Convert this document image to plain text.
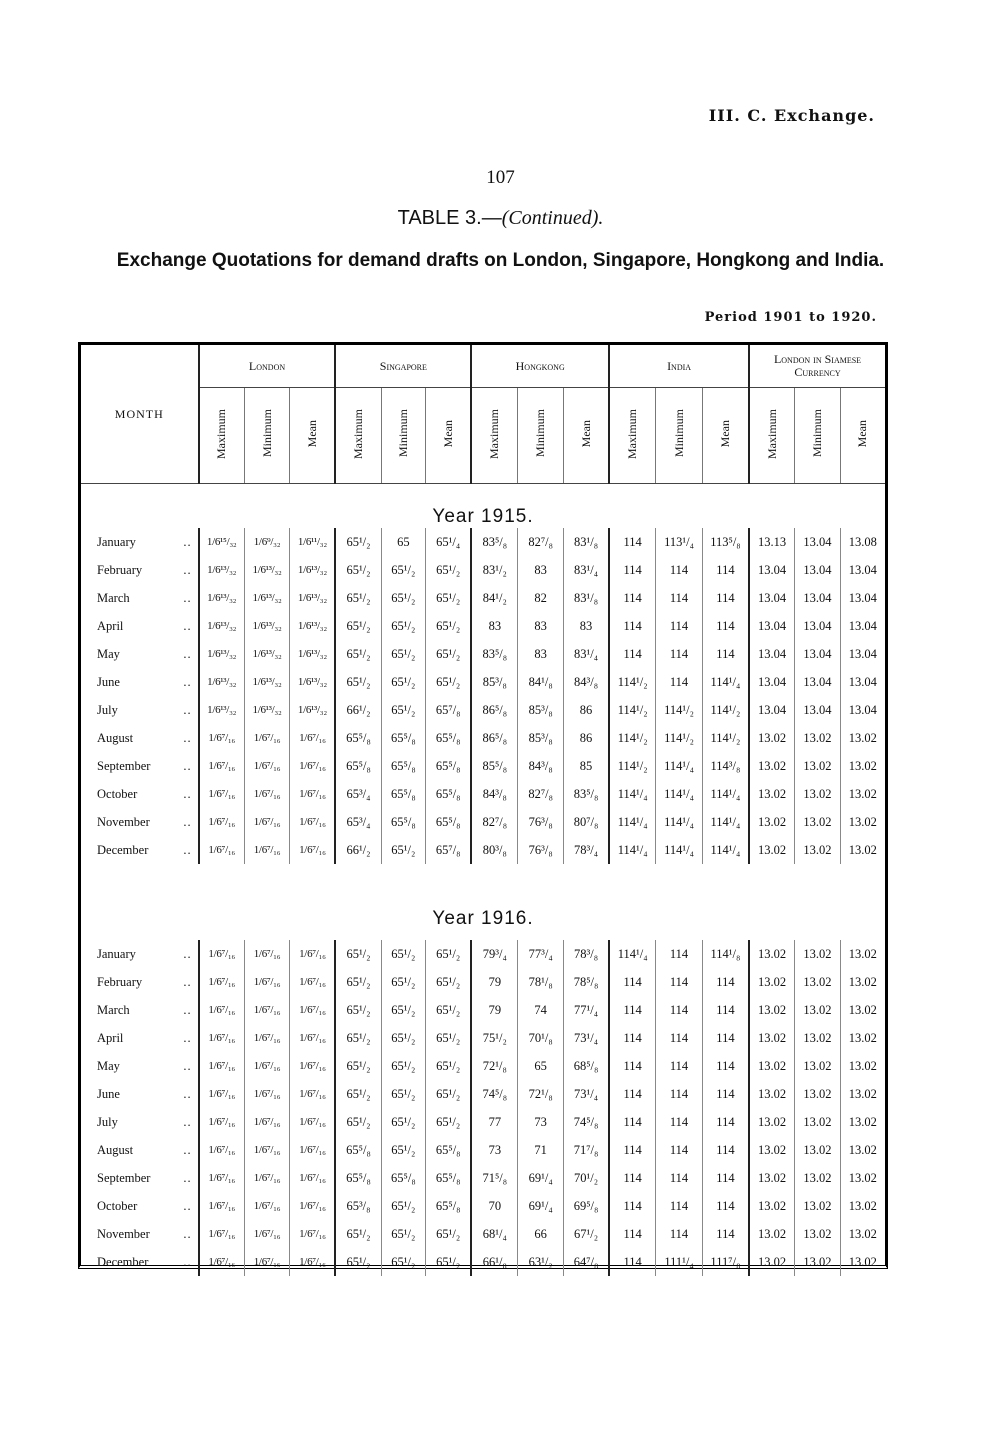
III. C. Exchange.
107
TABLE 3.—(Continued).
Exchange Quotations for demand drafts on London, Singapore, Hongkong and India.
Period 1901 to 1920.
MONTH	London			Singapore			Hongkong			India			London in Siamese Currency		
	Maximum	Minimum	Mean	Maximum	Minimum	Mean	Maximum	Minimum	Mean	Maximum	Minimum	Mean	Maximum	Minimum	Mean
Year 1915.															

..
January	1/6¹⁵/₃₂	1/6⁹/₃₂	1/6¹¹/₃₂	65¹/₂	65	65¹/₄	83⁵/₈	82⁷/₈	83¹/₈	114	113¹/₄	113⁵/₈	13.13	13.04	13.08

..
February	1/6¹³/₃₂	1/6¹³/₃₂	1/6¹³/₃₂	65¹/₂	65¹/₂	65¹/₂	83¹/₂	83	83¹/₄	114	114	114	13.04	13.04	13.04

..
March	1/6¹³/₃₂	1/6¹³/₃₂	1/6¹³/₃₂	65¹/₂	65¹/₂	65¹/₂	84¹/₂	82	83¹/₈	114	114	114	13.04	13.04	13.04

..
April	1/6¹³/₃₂	1/6¹³/₃₂	1/6¹³/₃₂	65¹/₂	65¹/₂	65¹/₂	83	83	83	114	114	114	13.04	13.04	13.04

..
May	1/6¹³/₃₂	1/6¹³/₃₂	1/6¹³/₃₂	65¹/₂	65¹/₂	65¹/₂	83⁵/₈	83	83¹/₄	114	114	114	13.04	13.04	13.04

..
June	1/6¹³/₃₂	1/6¹³/₃₂	1/6¹³/₃₂	65¹/₂	65¹/₂	65¹/₂	85³/₈	84¹/₈	84³/₈	114¹/₂	114	114¹/₄	13.04	13.04	13.04

..
July	1/6¹³/₃₂	1/6¹³/₃₂	1/6¹³/₃₂	66¹/₂	65¹/₂	65⁷/₈	86⁵/₈	85³/₈	86	114¹/₂	114¹/₂	114¹/₂	13.04	13.04	13.04

..
August	1/6⁷/₁₆	1/6⁷/₁₆	1/6⁷/₁₆	65⁵/₈	65⁵/₈	65⁵/₈	86⁵/₈	85³/₈	86	114¹/₂	114¹/₂	114¹/₂	13.02	13.02	13.02

..
September	1/6⁷/₁₆	1/6⁷/₁₆	1/6⁷/₁₆	65⁵/₈	65⁵/₈	65⁵/₈	85⁵/₈	84³/₈	85	114¹/₂	114¹/₄	114³/₈	13.02	13.02	13.02

..
October	1/6⁷/₁₆	1/6⁷/₁₆	1/6⁷/₁₆	65³/₄	65⁵/₈	65⁵/₈	84³/₈	82⁷/₈	83⁵/₈	114¹/₄	114¹/₄	114¹/₄	13.02	13.02	13.02

..
November	1/6⁷/₁₆	1/6⁷/₁₆	1/6⁷/₁₆	65³/₄	65⁵/₈	65⁵/₈	82⁷/₈	76³/₈	80⁷/₈	114¹/₄	114¹/₄	114¹/₄	13.02	13.02	13.02

..
December	1/6⁷/₁₆	1/6⁷/₁₆	1/6⁷/₁₆	66¹/₂	65¹/₂	65⁷/₈	80³/₈	76³/₈	78³/₄	114¹/₄	114¹/₄	114¹/₄	13.02	13.02	13.02

Year 1916.															

..
January	1/6⁷/₁₆	1/6⁷/₁₆	1/6⁷/₁₆	65¹/₂	65¹/₂	65¹/₂	79³/₄	77³/₄	78³/₈	114¹/₄	114	114¹/₈	13.02	13.02	13.02

..
February	1/6⁷/₁₆	1/6⁷/₁₆	1/6⁷/₁₆	65¹/₂	65¹/₂	65¹/₂	79	78¹/₈	78⁵/₈	114	114	114	13.02	13.02	13.02

..
March	1/6⁷/₁₆	1/6⁷/₁₆	1/6⁷/₁₆	65¹/₂	65¹/₂	65¹/₂	79	74	77¹/₄	114	114	114	13.02	13.02	13.02

..
April	1/6⁷/₁₆	1/6⁷/₁₆	1/6⁷/₁₆	65¹/₂	65¹/₂	65¹/₂	75¹/₂	70¹/₈	73¹/₄	114	114	114	13.02	13.02	13.02

..
May	1/6⁷/₁₆	1/6⁷/₁₆	1/6⁷/₁₆	65¹/₂	65¹/₂	65¹/₂	72¹/₈	65	68⁵/₈	114	114	114	13.02	13.02	13.02

..
June	1/6⁷/₁₆	1/6⁷/₁₆	1/6⁷/₁₆	65¹/₂	65¹/₂	65¹/₂	74⁵/₈	72¹/₈	73¹/₄	114	114	114	13.02	13.02	13.02

..
July	1/6⁷/₁₆	1/6⁷/₁₆	1/6⁷/₁₆	65¹/₂	65¹/₂	65¹/₂	77	73	74⁵/₈	114	114	114	13.02	13.02	13.02

..
August	1/6⁷/₁₆	1/6⁷/₁₆	1/6⁷/₁₆	65⁵/₈	65¹/₂	65⁵/₈	73	71	71⁷/₈	114	114	114	13.02	13.02	13.02

..
September	1/6⁷/₁₆	1/6⁷/₁₆	1/6⁷/₁₆	65⁵/₈	65⁵/₈	65⁵/₈	71⁵/₈	69¹/₄	70¹/₂	114	114	114	13.02	13.02	13.02

..
October	1/6⁷/₁₆	1/6⁷/₁₆	1/6⁷/₁₆	65³/₈	65¹/₂	65⁵/₈	70	69¹/₄	69⁵/₈	114	114	114	13.02	13.02	13.02

..
November	1/6⁷/₁₆	1/6⁷/₁₆	1/6⁷/₁₆	65¹/₂	65¹/₂	65¹/₂	68¹/₄	66	67¹/₂	114	114	114	13.02	13.02	13.02

..
December	1/6⁷/₁₆	1/6⁷/₁₆	1/6⁷/₁₆	65¹/₂	65¹/₂	65¹/₂	66¹/₈	63¹/₂	64⁷/₈	114	111¹/₄	111⁷/₈	13.02	13.02	13.02
